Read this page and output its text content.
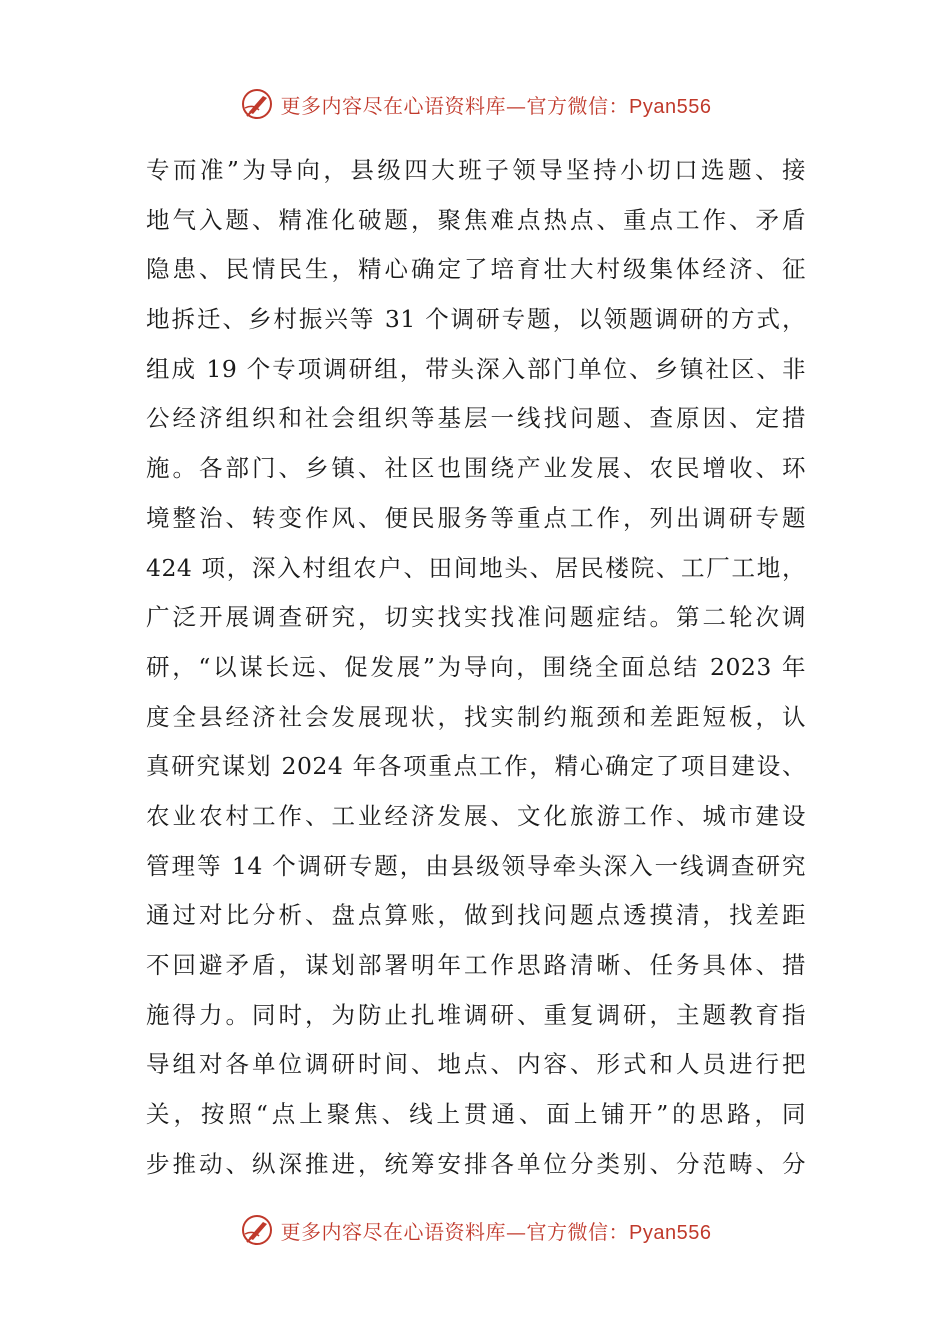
更多内容尽在心语资料库—官方微信：Pyan556
专而准”为导向，县级四大班子领导坚持小切口选题、接
地气入题、精准化破题，聚焦难点热点、重点工作、矛盾
隐患、民情民生，精心确定了培育壮大村级集体经济、征
地拆迁、乡村振兴等 31 个调研专题，以领题调研的方式，
组成 19 个专项调研组，带头深入部门单位、乡镇社区、非
公经济组织和社会组织等基层一线找问题、查原因、定措
施。各部门、乡镇、社区也围绕产业发展、农民增收、环
境整治、转变作风、便民服务等重点工作，列出调研专题
424 项，深入村组农户、田间地头、居民楼院、工厂工地，
广泛开展调查研究，切实找实找准问题症结。第二轮次调
研，“以谋长远、促发展”为导向，围绕全面总结 2023 年
度全县经济社会发展现状，找实制约瓶颈和差距短板，认
真研究谋划 2024 年各项重点工作，精心确定了项目建设、
农业农村工作、工业经济发展、文化旅游工作、城市建设
管理等 14 个调研专题，由县级领导牵头深入一线调查研究
通过对比分析、盘点算账，做到找问题点透摸清，找差距
不回避矛盾，谋划部署明年工作思路清晰、任务具体、措
施得力。同时，为防止扎堆调研、重复调研，主题教育指
导组对各单位调研时间、地点、内容、形式和人员进行把
关，按照“点上聚焦、线上贯通、面上铺开”的思路，同
步推动、纵深推进，统筹安排各单位分类别、分范畴、分
更多内容尽在心语资料库—官方微信：Pyan556
